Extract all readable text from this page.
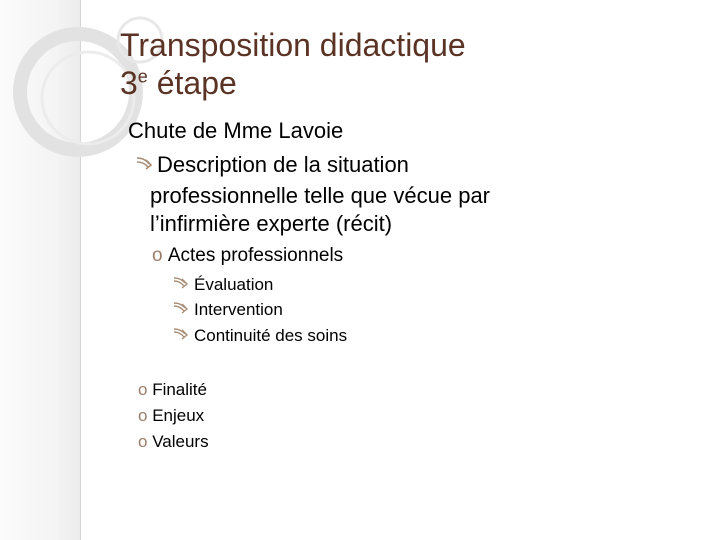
Transposition didactique
3e étape
Chute de Mme Lavoie
Description de la situation
professionnelle telle que vécue par
l’infirmière experte (récit)
o Actes professionnels
Évaluation
Intervention
Continuité des soins
o Finalité
o Enjeux
o Valeurs
